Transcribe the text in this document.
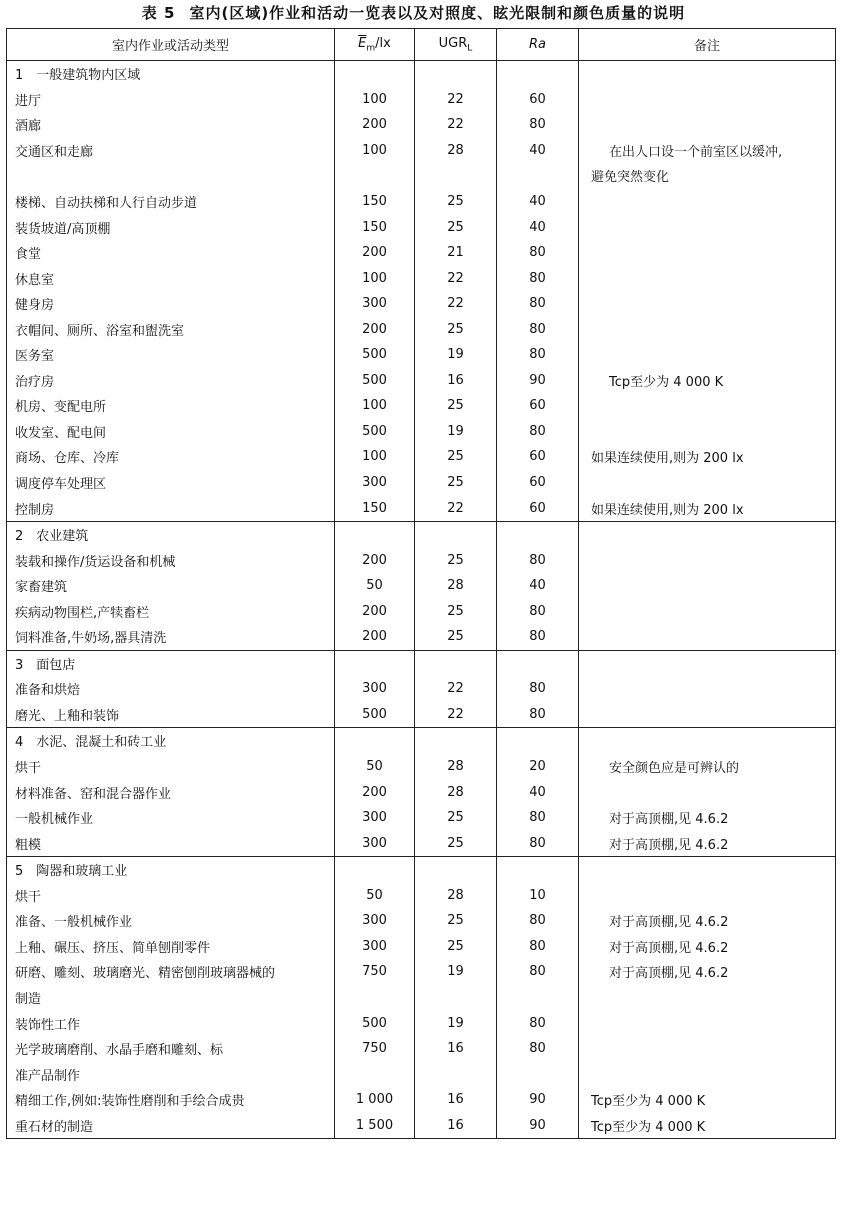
表 5 室内(区域)作业和活动一览表以及对照度、眩光限制和颜色质量的说明
室内作业或活动类型	$\overline{E}_m/lx$	$UGR_L$	Ra	备注
1　一般建筑物内区域				
进厅	100	22	60	
酒廊	200	22	80	
交通区和走廊	100	28	40	在出人口设一个前室区以缓冲,
				避免突然变化
楼梯、自动扶梯和人行自动步道	150	25	40	
装货坡道/高顶棚	150	25	40	
食堂	200	21	80	
休息室	100	22	80	
健身房	300	22	80	
衣帽间、厕所、浴室和盥洗室	200	25	80	
医务室	500	19	80	
治疗房	500	16	90	Tcp至少为 4 000 K
机房、变配电所	100	25	60	
收发室、配电间	500	19	80	
商场、仓库、冷库	100	25	60	如果连续使用,则为 200 lx
调度停车处理区	300	25	60	
控制房	150	22	60	如果连续使用,则为 200 lx
2　农业建筑				
装载和操作/货运设备和机械	200	25	80	
家畜建筑	50	28	40	
疾病动物围栏,产犊畜栏	200	25	80	
饲料准备,牛奶场,器具清洗	200	25	80	
3　面包店				
准备和烘焙	300	22	80	
磨光、上釉和装饰	500	22	80	
4　水泥、混凝土和砖工业				
烘干	50	28	20	安全颜色应是可辨认的
材料准备、窑和混合器作业	200	28	40	
一般机械作业	300	25	80	对于高顶棚,见 4.6.2
粗模	300	25	80	对于高顶棚,见 4.6.2
5　陶器和玻璃工业				
烘干	50	28	10	
准备、一般机械作业	300	25	80	对于高顶棚,见 4.6.2
上釉、碾压、挤压、简单刨削零件	300	25	80	对于高顶棚,见 4.6.2
研磨、雕刻、玻璃磨光、精密刨削玻璃器械的	750	19	80	对于高顶棚,见 4.6.2
制造				
装饰性工作	500	19	80	
光学玻璃磨削、水晶手磨和雕刻、标	750	16	80	
准产品制作				
精细工作,例如:装饰性磨削和手绘合成贵	1 000	16	90	Tcp至少为 4 000 K
重石材的制造	1 500	16	90	Tcp至少为 4 000 K
